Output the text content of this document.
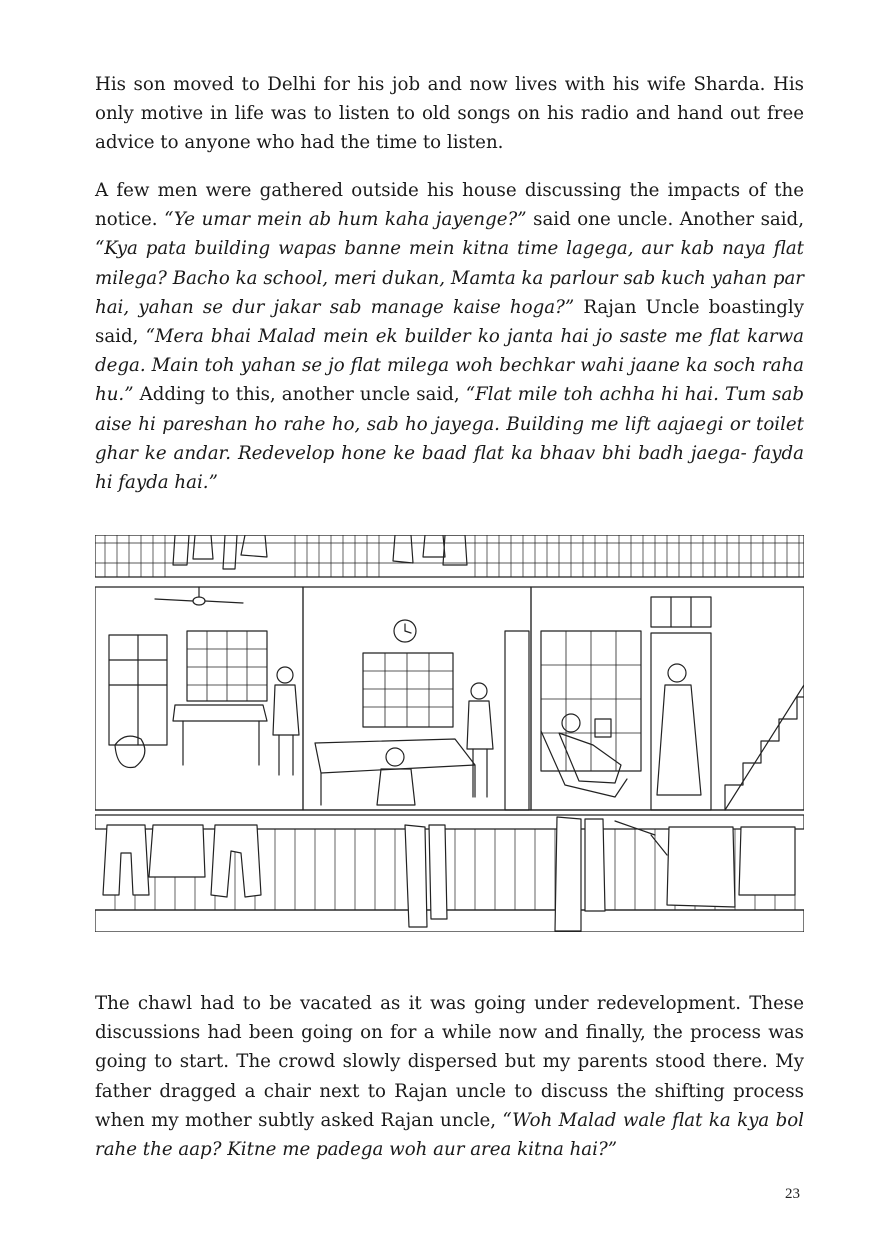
His son moved to Delhi for his job and now lives with his wife Sharda. His only motive in life was to listen to old songs on his radio and hand out free advice to anyone who had the time to listen.

A few men were gathered outside his house discussing the impacts of the notice. “Ye umar mein ab hum kaha jayenge?” said one uncle. Another said, “Kya pata building wapas banne mein kitna time lagega, aur kab naya flat milega? Bacho ka school, meri dukan, Mamta ka parlour sab kuch yahan par hai, yahan se dur jakar sab manage kaise hoga?” Rajan Uncle boastingly said, “Mera bhai Malad mein ek builder ko janta hai jo saste me flat karwa dega. Main toh yahan se jo flat milega woh bechkar wahi jaane ka soch raha hu.” Adding to this, another uncle said, “Flat mile toh achha hi hai. Tum sab aise hi pareshan ho rahe ho, sab ho jayega. Building me lift aajaegi or toilet ghar ke andar. Redevelop hone ke baad flat ka bhaav bhi badh jaega- fayda hi fayda hai.”

The chawl had to be vacated as it was going under redevelopment. These discussions had been going on for a while now and finally, the process was going to start. The crowd slowly dispersed but my parents stood there. My father dragged a chair next to Rajan uncle to discuss the shifting process when my mother subtly asked Rajan uncle, “Woh Malad wale flat ka kya bol rahe the aap? Kitne me padega woh aur area kitna hai?”

23
